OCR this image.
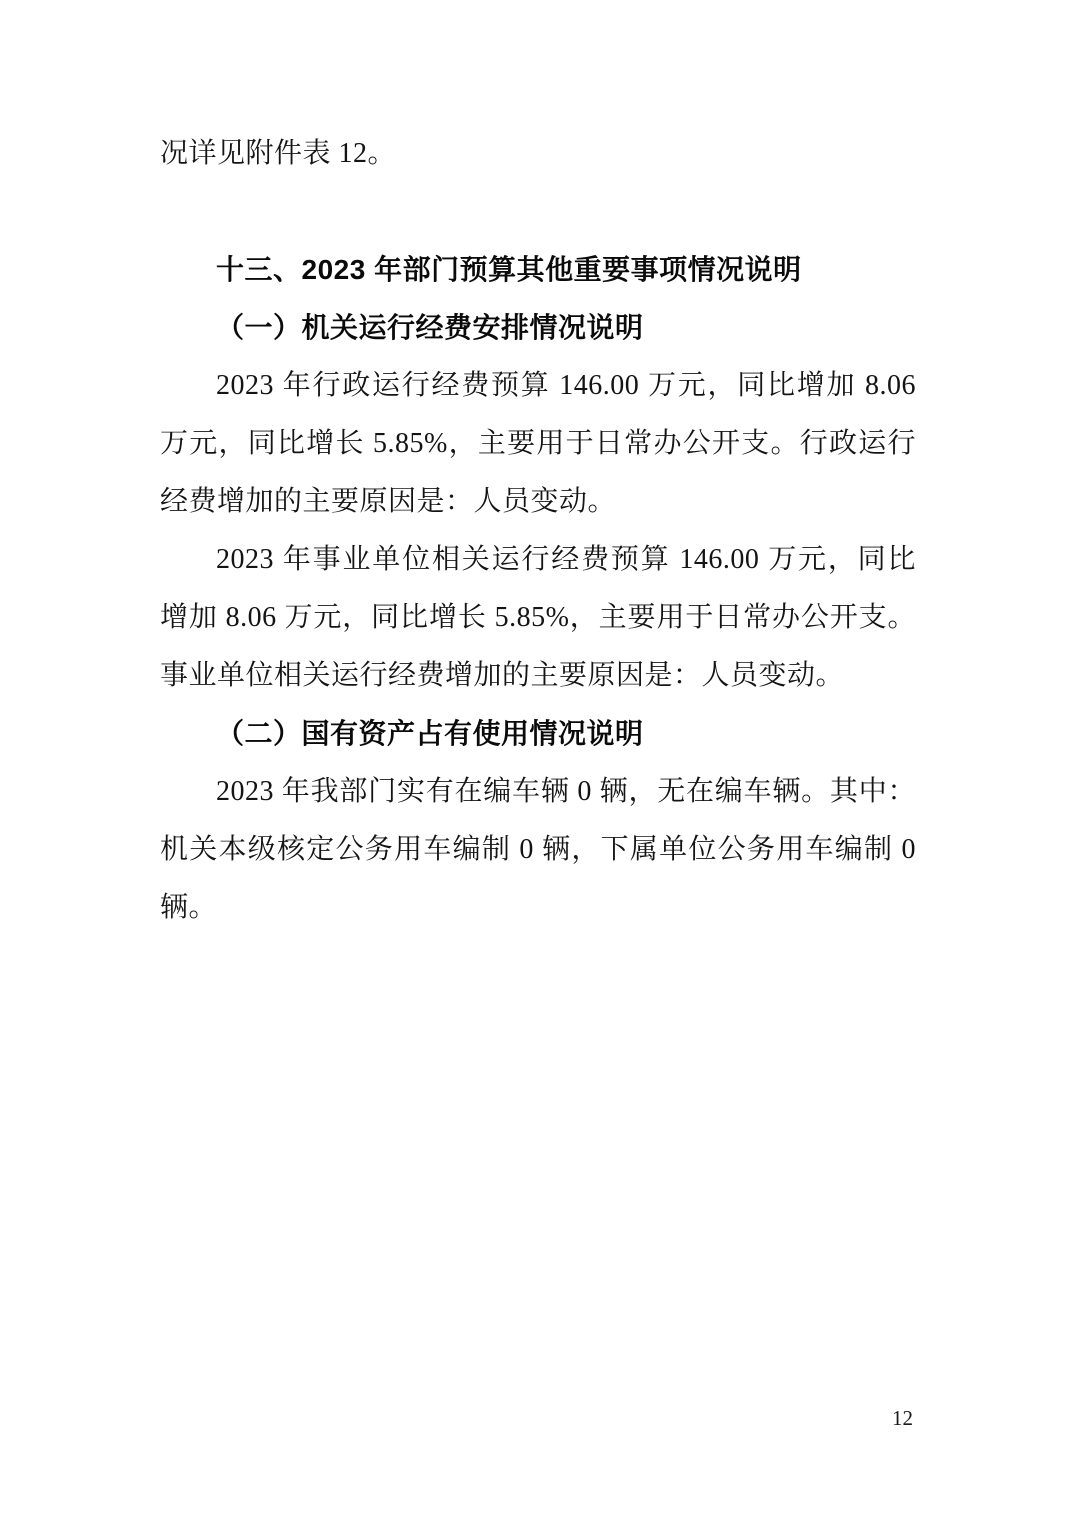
况详见附件表 12。

十三、2023 年部门预算其他重要事项情况说明
（一）机关运行经费安排情况说明

2023 年行政运行经费预算 146.00 万元，同比增加 8.06 万元，同比增长 5.85%，主要用于日常办公开支。行政运行经费增加的主要原因是：人员变动。

2023 年事业单位相关运行经费预算 146.00 万元，同比增加 8.06 万元，同比增长 5.85%，主要用于日常办公开支。事业单位相关运行经费增加的主要原因是：人员变动。

（二）国有资产占有使用情况说明

2023 年我部门实有在编车辆 0 辆，无在编车辆。其中：机关本级核定公务用车编制 0 辆，下属单位公务用车编制 0 辆。

12
